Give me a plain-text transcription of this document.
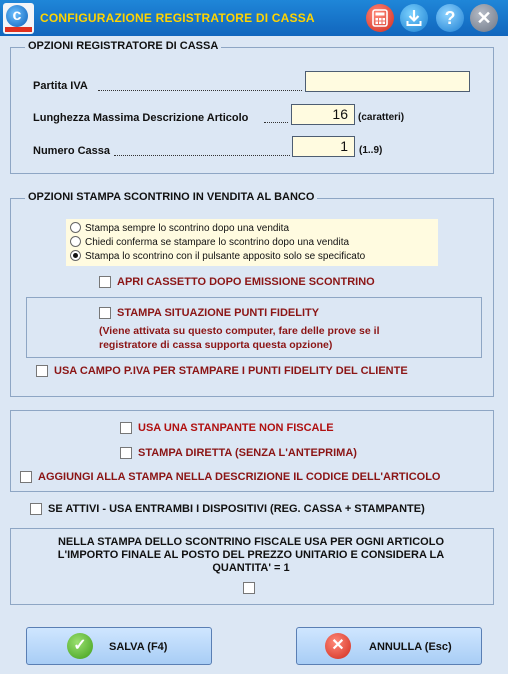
c	CONFIGURAZIONE REGISTRATORE DI CASSA	?	✕
OPZIONI REGISTRATORE DI CASSA
Partita IVA
Lunghezza Massima Descrizione Articolo	16	(caratteri)
Numero Cassa	1	(1..9)
OPZIONI STAMPA SCONTRINO IN VENDITA AL BANCO
Stampa sempre lo scontrino dopo una vendita
Chiedi conferma se stampare lo scontrino dopo una vendita
Stampa lo scontrino con il pulsante apposito solo se specificato
APRI CASSETTO DOPO EMISSIONE SCONTRINO
STAMPA SITUAZIONE PUNTI FIDELITY
(Viene attivata su questo computer, fare delle prove se il
registratore di cassa supporta questa opzione)
USA CAMPO P.IVA PER STAMPARE I PUNTI FIDELITY DEL CLIENTE
USA UNA STANPANTE NON FISCALE
STAMPA DIRETTA (SENZA L'ANTEPRIMA)
AGGIUNGI ALLA STAMPA NELLA DESCRIZIONE IL CODICE DELL'ARTICOLO
SE ATTIVI - USA ENTRAMBI I DISPOSITIVI (REG. CASSA + STAMPANTE)
NELLA STAMPA DELLO SCONTRINO FISCALE USA PER OGNI ARTICOLO
L'IMPORTO FINALE AL POSTO DEL PREZZO UNITARIO E CONSIDERA LA
QUANTITA' = 1
✓	SALVA (F4)	✕	ANNULLA (Esc)
